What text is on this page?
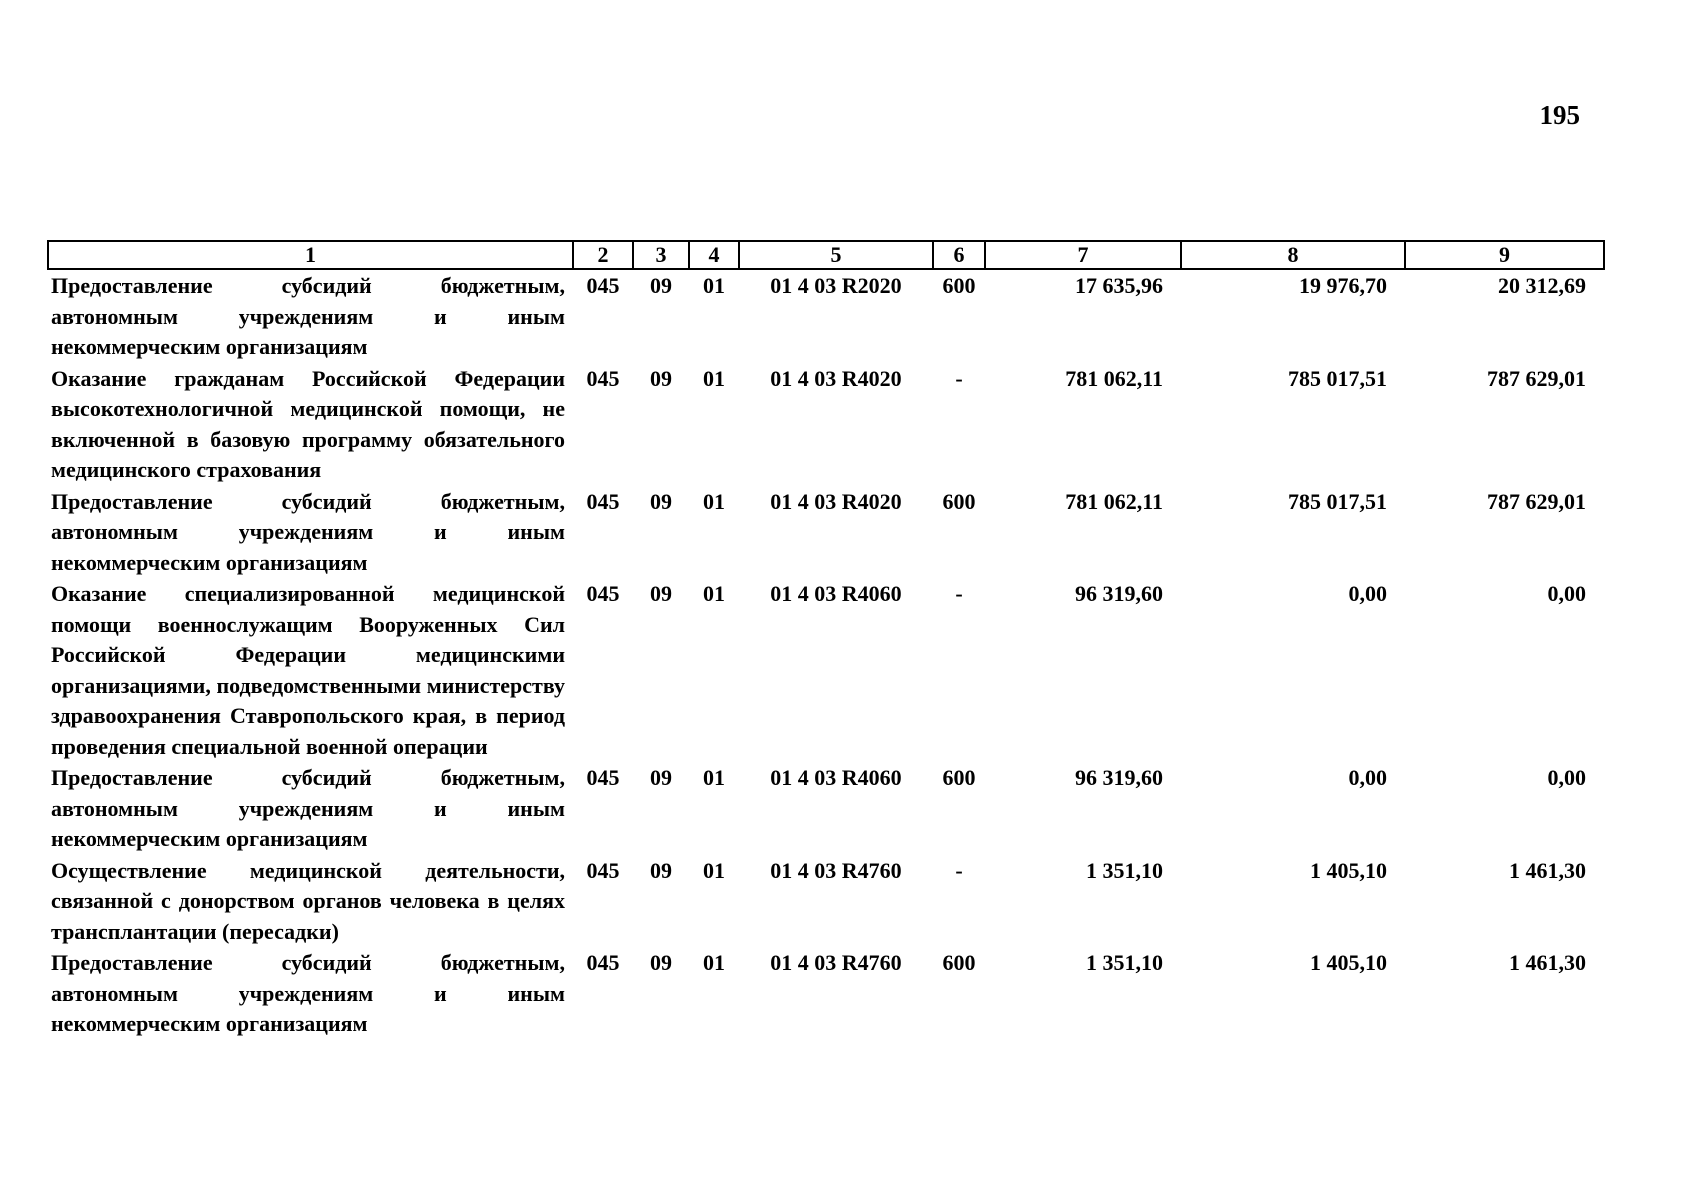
195
1	2	3	4	5	6	7	8	9
Предоставление субсидий бюджетным, автономным учреждениям и иным некоммерческим организациям	045	09	01	01 4 03 R2020	600	17 635,96	19 976,70	20 312,69
Оказание гражданам Российской Федерации высокотехнологичной медицинской помощи, не включенной в базовую программу обязательного медицинского страхования	045	09	01	01 4 03 R4020	-	781 062,11	785 017,51	787 629,01
Предоставление субсидий бюджетным, автономным учреждениям и иным некоммерческим организациям	045	09	01	01 4 03 R4020	600	781 062,11	785 017,51	787 629,01
Оказание специализированной медицинской помощи военнослужащим Вооруженных Сил Российской Федерации медицинскими организациями, подведомственными министерству здравоохранения Ставропольского края, в период проведения специальной военной операции	045	09	01	01 4 03 R4060	-	96 319,60	0,00	0,00
Предоставление субсидий бюджетным, автономным учреждениям и иным некоммерческим организациям	045	09	01	01 4 03 R4060	600	96 319,60	0,00	0,00
Осуществление медицинской деятельности, связанной с донорством органов человека в целях трансплантации (пересадки)	045	09	01	01 4 03 R4760	-	1 351,10	1 405,10	1 461,30
Предоставление субсидий бюджетным, автономным учреждениям и иным некоммерческим организациям	045	09	01	01 4 03 R4760	600	1 351,10	1 405,10	1 461,30
